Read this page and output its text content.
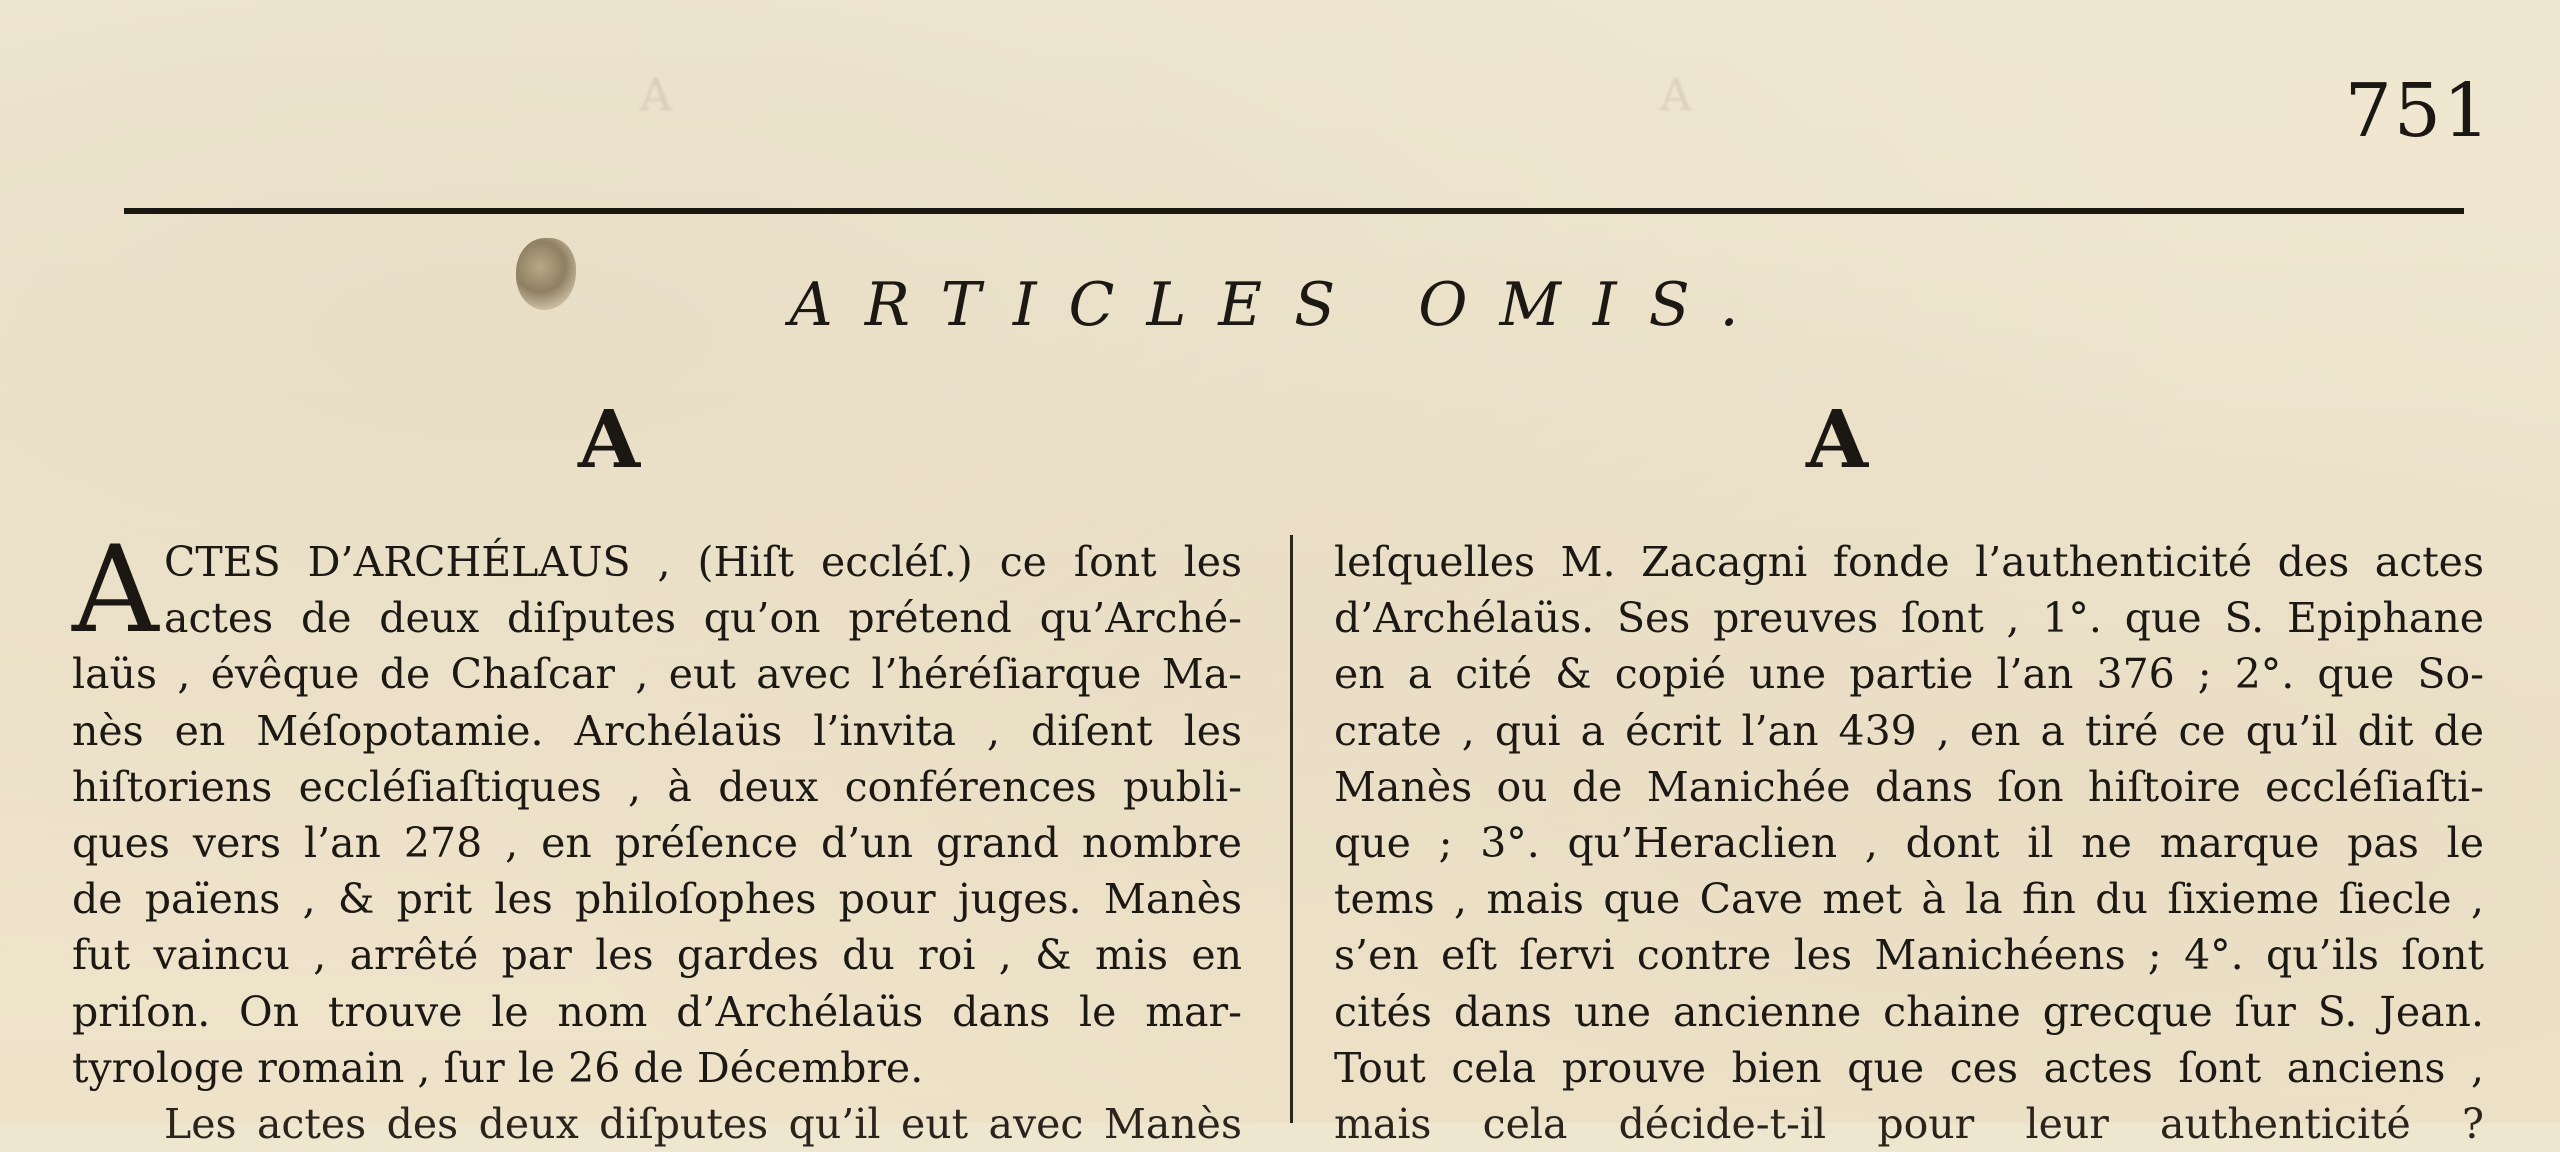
A	A	751
ARTICLES OMIS.
A	A
A CTES D’ARCHÉLAUS , (Hiſt eccléſ.) ce ſont les
actes de deux diſputes qu’on prétend qu’Arché-
laüs , évêque de Chaſcar , eut avec l’héréſiarque Ma-
nès en Méſopotamie. Archélaüs l’invita , diſent les
hiſtoriens eccléſiaſtiques , à deux conférences publi-
ques vers l’an 278 , en préſence d’un grand nombre
de païens , & prit les philoſophes pour juges. Manès
fut vaincu , arrêté par les gardes du roi , & mis en
priſon. On trouve le nom d’Archélaüs dans le mar-
tyrologe romain , ſur le 26 de Décembre.
Les actes des deux diſputes qu’il eut avec Manès
leſquelles M. Zacagni fonde l’authenticité des actes
d’Archélaüs. Ses preuves ſont , 1°. que S. Epiphane
en a cité & copié une partie l’an 376 ; 2°. que So-
crate , qui a écrit l’an 439 , en a tiré ce qu’il dit de
Manès ou de Manichée dans ſon hiſtoire eccléſiaſti-
que ; 3°. qu’Heraclien , dont il ne marque pas le
tems , mais que Cave met à la fin du ſixieme ſiecle ,
s’en eſt ſervi contre les Manichéens ; 4°. qu’ils ſont
cités dans une ancienne chaine grecque ſur S. Jean.
Tout cela prouve bien que ces actes ſont anciens ,
mais cela décide-t-il pour leur authenticité ?
